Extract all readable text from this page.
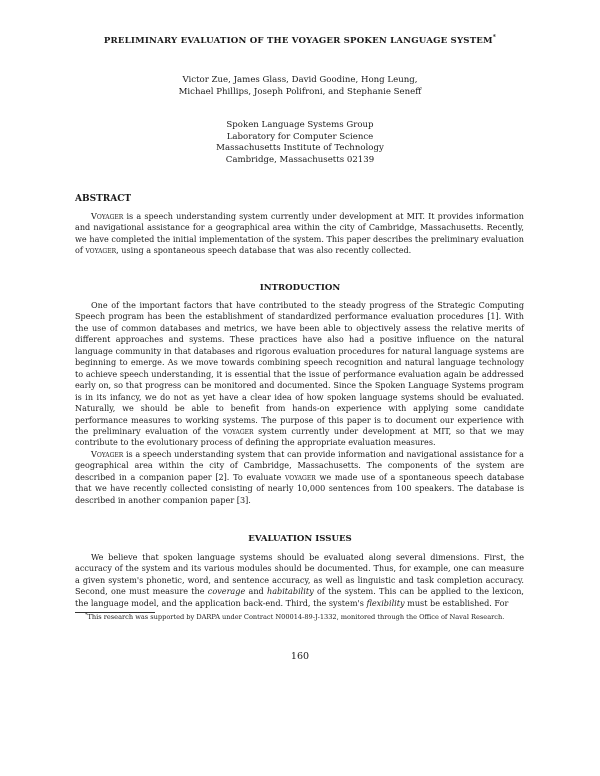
PRELIMINARY EVALUATION OF THE VOYAGER SPOKEN LANGUAGE SYSTEM*
Victor Zue, James Glass, David Goodine, Hong Leung,
Michael Phillips, Joseph Polifroni, and Stephanie Seneff
Spoken Language Systems Group
Laboratory for Computer Science
Massachusetts Institute of Technology
Cambridge, Massachusetts 02139
ABSTRACT

Voyager is a speech understanding system currently under development at MIT. It provides information and navigational assistance for a geographical area within the city of Cambridge, Massachusetts. Recently, we have completed the initial implementation of the system. This paper describes the preliminary evaluation of voyager, using a spontaneous speech database that was also recently collected.

INTRODUCTION

One of the important factors that have contributed to the steady progress of the Strategic Computing Speech program has been the establishment of standardized performance evaluation procedures [1]. With the use of common databases and metrics, we have been able to objectively assess the relative merits of different approaches and systems. These practices have also had a positive influence on the natural language community in that databases and rigorous evaluation procedures for natural language systems are beginning to emerge. As we move towards combining speech recognition and natural language technology to achieve speech understanding, it is essential that the issue of performance evaluation again be addressed early on, so that progress can be monitored and documented. Since the Spoken Language Systems program is in its infancy, we do not as yet have a clear idea of how spoken language systems should be evaluated. Naturally, we should be able to benefit from hands-on experience with applying some candidate performance measures to working systems. The purpose of this paper is to document our experience with the preliminary evaluation of the voyager system currently under development at MIT, so that we may contribute to the evolutionary process of defining the appropriate evaluation measures.

Voyager is a speech understanding system that can provide information and navigational assistance for a geographical area within the city of Cambridge, Massachusetts. The components of the system are described in a companion paper [2]. To evaluate voyager we made use of a spontaneous speech database that we have recently collected consisting of nearly 10,000 sentences from 100 speakers. The database is described in another companion paper [3].

EVALUATION ISSUES

We believe that spoken language systems should be evaluated along several dimensions. First, the accuracy of the system and its various modules should be documented. Thus, for example, one can measure a given system's phonetic, word, and sentence accuracy, as well as linguistic and task completion accuracy. Second, one must measure the coverage and habitability of the system. This can be applied to the lexicon, the language model, and the application back-end. Third, the system's flexibility must be established. For

*This research was supported by DARPA under Contract N00014-89-J-1332, monitored through the Office of Naval Research.
160
